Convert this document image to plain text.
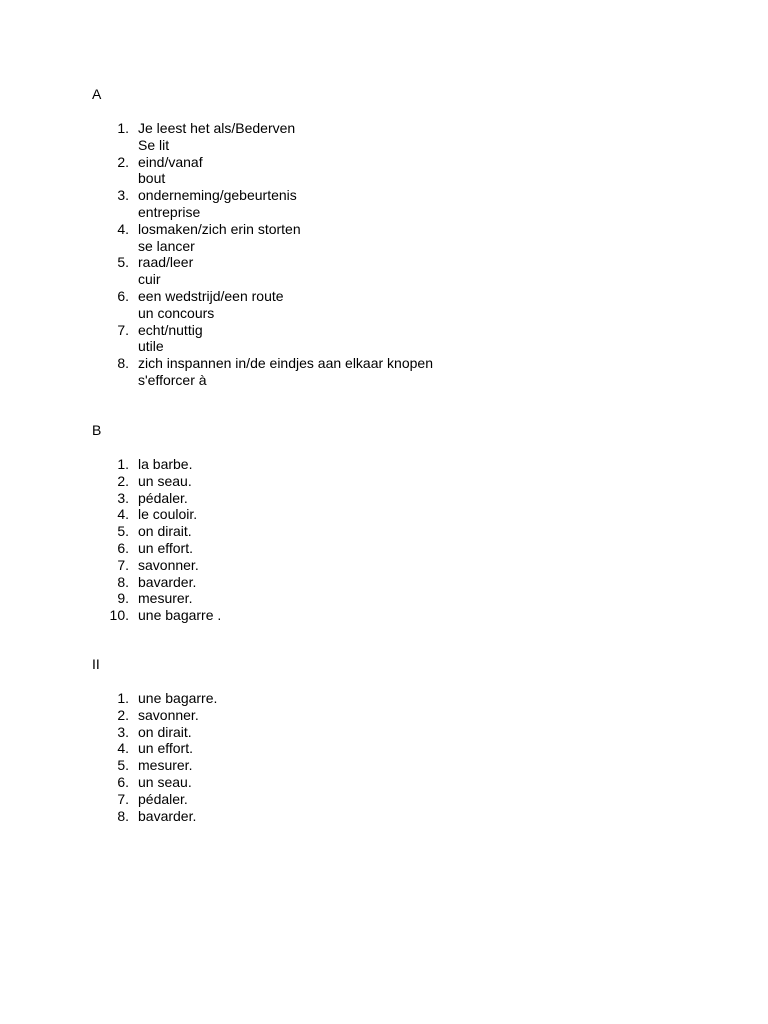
A
1. Je leest het als/Bederven
Se lit
2. eind/vanaf
bout
3. onderneming/gebeurtenis
entreprise
4. losmaken/zich erin storten
se lancer
5. raad/leer
cuir
6. een wedstrijd/een route
un concours
7. echt/nuttig
utile
8. zich inspannen in/de eindjes aan elkaar knopen
s'efforcer à
B
1. la barbe.
2. un seau.
3. pédaler.
4. le couloir.
5. on dirait.
6. un effort.
7. savonner.
8. bavarder.
9. mesurer.
10. une bagarre .
II
1. une bagarre.
2. savonner.
3. on dirait.
4. un effort.
5. mesurer.
6. un seau.
7. pédaler.
8. bavarder.
